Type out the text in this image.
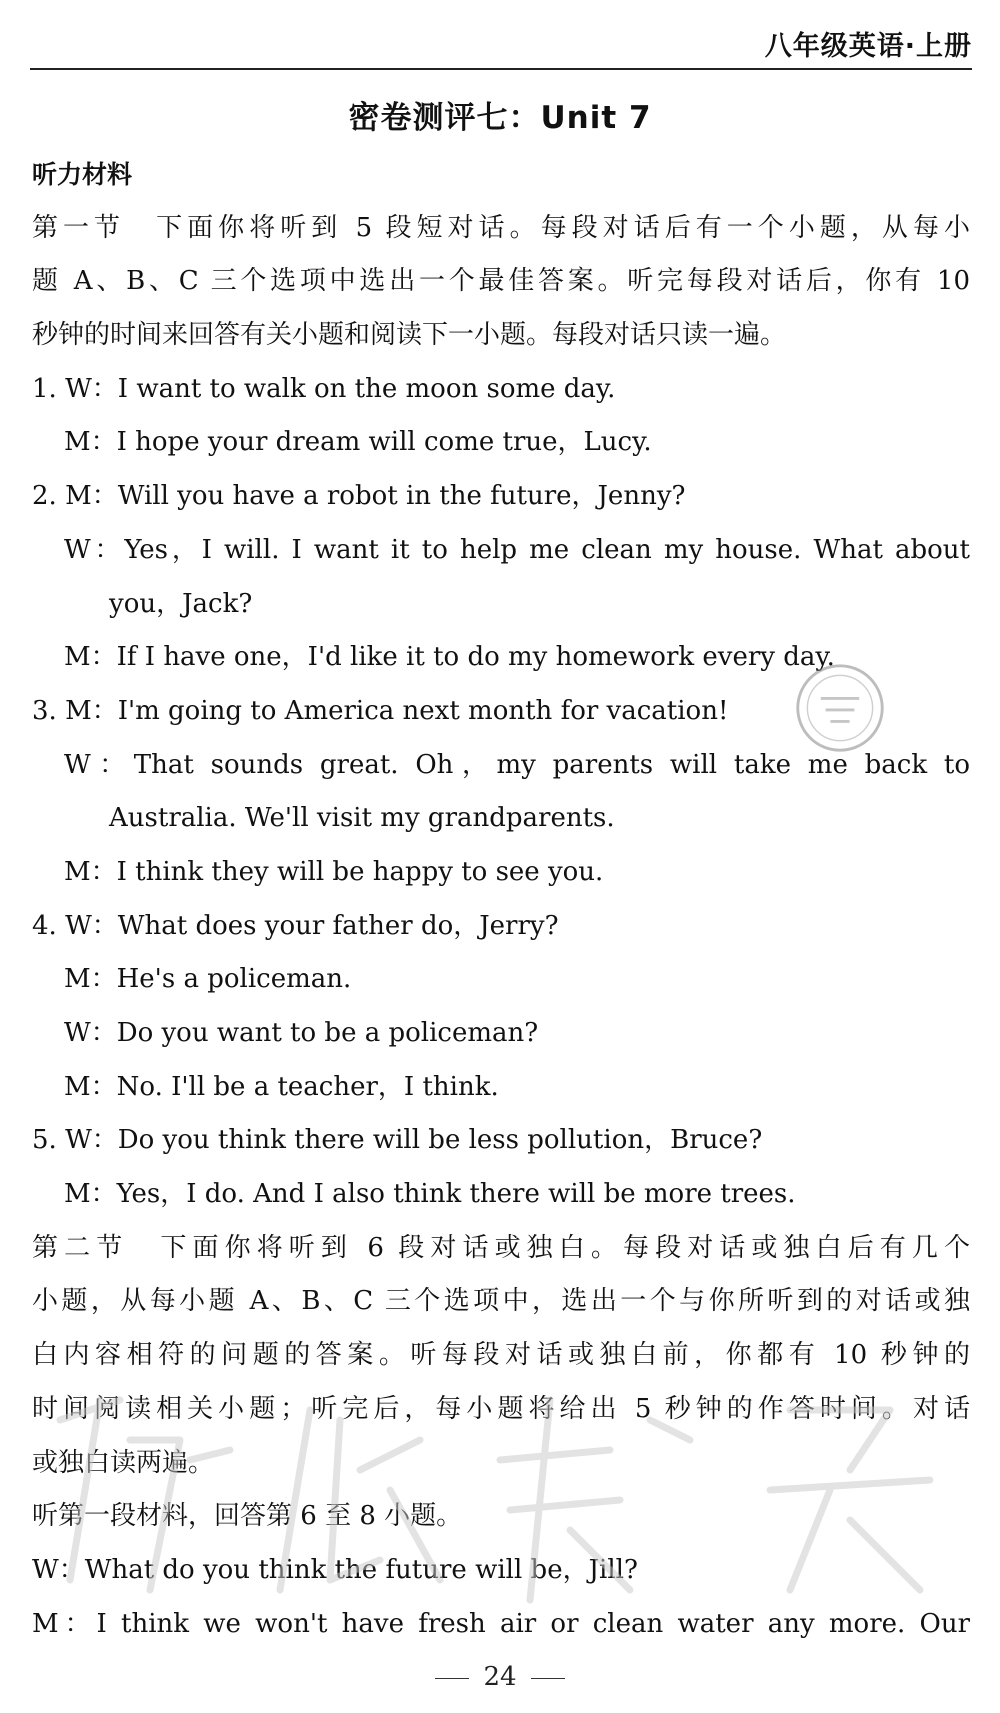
八年级英语·上册
密卷测评七：Unit 7
听力材料
第一节　下面你将听到 5 段短对话。每段对话后有一个小题，从每小
题 A、B、C 三个选项中选出一个最佳答案。听完每段对话后，你有 10
秒钟的时间来回答有关小题和阅读下一小题。每段对话只读一遍。
1. W：I want to walk on the moon some day.
M：I hope your dream will come true，Lucy.
2. M：Will you have a robot in the future，Jenny?
W：Yes，I will. I want it to help me clean my house. What about
you，Jack?
M：If I have one，I'd like it to do my homework every day.
3. M：I'm going to America next month for vacation!
W：That sounds great. Oh，my parents will take me back to
Australia. We'll visit my grandparents.
M：I think they will be happy to see you.
4. W：What does your father do，Jerry?
M：He's a policeman.
W：Do you want to be a policeman?
M：No. I'll be a teacher，I think.
5. W：Do you think there will be less pollution，Bruce?
M：Yes，I do. And I also think there will be more trees.
第二节　下面你将听到 6 段对话或独白。每段对话或独白后有几个
小题，从每小题 A、B、C 三个选项中，选出一个与你所听到的对话或独
白内容相符的问题的答案。听每段对话或独白前，你都有 10 秒钟的
时间阅读相关小题；听完后，每小题将给出 5 秒钟的作答时间。对话
或独白读两遍。
听第一段材料，回答第 6 至 8 小题。
W：What do you think the future will be，Jill?
M：I think we won't have fresh air or clean water any more. Our
24
